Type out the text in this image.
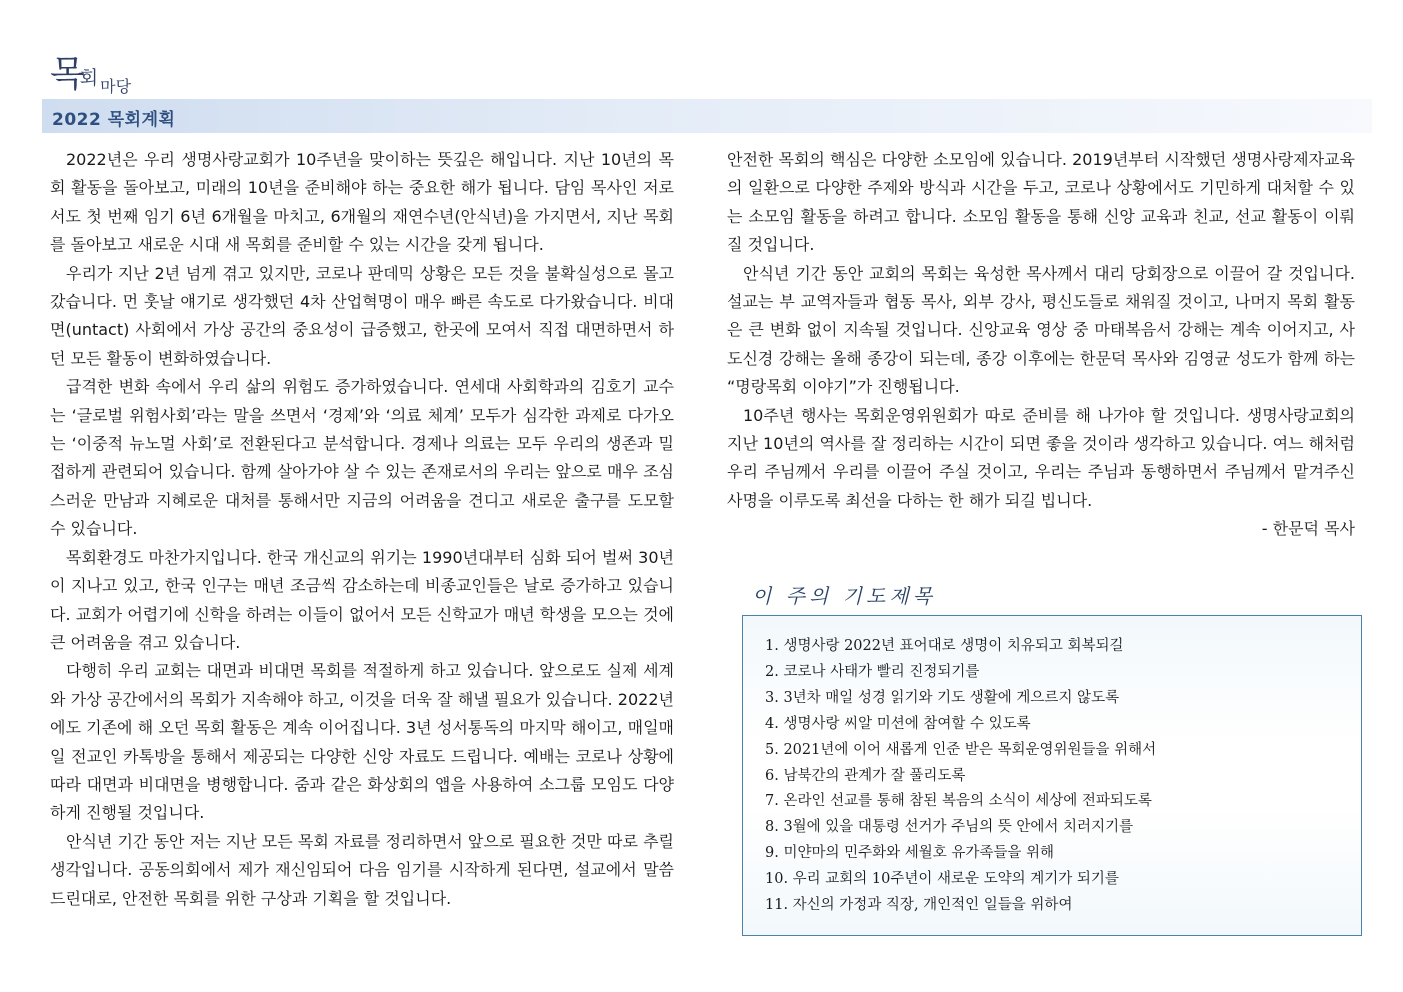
목회 마당
2022 목회계획

2022년은 우리 생명사랑교회가 10주년을 맞이하는 뜻깊은 해입니다. 지난 10년의 목회 활동을 돌아보고, 미래의 10년을 준비해야 하는 중요한 해가 됩니다. 담임 목사인 저로서도 첫 번째 임기 6년 6개월을 마치고, 6개월의 재연수년(안식년)을 가지면서, 지난 목회를 돌아보고 새로운 시대 새 목회를 준비할 수 있는 시간을 갖게 됩니다.

우리가 지난 2년 넘게 겪고 있지만, 코로나 판데믹 상황은 모든 것을 불확실성으로 몰고 갔습니다. 먼 훗날 얘기로 생각했던 4차 산업혁명이 매우 빠른 속도로 다가왔습니다. 비대면(untact) 사회에서 가상 공간의 중요성이 급증했고, 한곳에 모여서 직접 대면하면서 하던 모든 활동이 변화하였습니다.

급격한 변화 속에서 우리 삶의 위험도 증가하였습니다. 연세대 사회학과의 김호기 교수는 ‘글로벌 위험사회’라는 말을 쓰면서 ‘경제’와 ‘의료 체계’ 모두가 심각한 과제로 다가오는 ‘이중적 뉴노멀 사회’로 전환된다고 분석합니다. 경제나 의료는 모두 우리의 생존과 밀접하게 관련되어 있습니다. 함께 살아가야 살 수 있는 존재로서의 우리는 앞으로 매우 조심스러운 만남과 지혜로운 대처를 통해서만 지금의 어려움을 견디고 새로운 출구를 도모할 수 있습니다.

목회환경도 마찬가지입니다. 한국 개신교의 위기는 1990년대부터 심화 되어 벌써 30년이 지나고 있고, 한국 인구는 매년 조금씩 감소하는데 비종교인들은 날로 증가하고 있습니다. 교회가 어렵기에 신학을 하려는 이들이 없어서 모든 신학교가 매년 학생을 모으는 것에 큰 어려움을 겪고 있습니다.

다행히 우리 교회는 대면과 비대면 목회를 적절하게 하고 있습니다. 앞으로도 실제 세계와 가상 공간에서의 목회가 지속해야 하고, 이것을 더욱 잘 해낼 필요가 있습니다. 2022년에도 기존에 해 오던 목회 활동은 계속 이어집니다. 3년 성서통독의 마지막 해이고, 매일매일 전교인 카톡방을 통해서 제공되는 다양한 신앙 자료도 드립니다. 예배는 코로나 상황에 따라 대면과 비대면을 병행합니다. 줌과 같은 화상회의 앱을 사용하여 소그룹 모임도 다양하게 진행될 것입니다.

안식년 기간 동안 저는 지난 모든 목회 자료를 정리하면서 앞으로 필요한 것만 따로 추릴 생각입니다. 공동의회에서 제가 재신임되어 다음 임기를 시작하게 된다면, 설교에서 말씀 드린대로, 안전한 목회를 위한 구상과 기획을 할 것입니다.

안전한 목회의 핵심은 다양한 소모임에 있습니다. 2019년부터 시작했던 생명사랑제자교육의 일환으로 다양한 주제와 방식과 시간을 두고, 코로나 상황에서도 기민하게 대처할 수 있는 소모임 활동을 하려고 합니다. 소모임 활동을 통해 신앙 교육과 친교, 선교 활동이 이뤄질 것입니다.

안식년 기간 동안 교회의 목회는 육성한 목사께서 대리 당회장으로 이끌어 갈 것입니다. 설교는 부 교역자들과 협동 목사, 외부 강사, 평신도들로 채워질 것이고, 나머지 목회 활동은 큰 변화 없이 지속될 것입니다. 신앙교육 영상 중 마태복음서 강해는 계속 이어지고, 사도신경 강해는 올해 종강이 되는데, 종강 이후에는 한문덕 목사와 김영균 성도가 함께 하는 “명랑목회 이야기”가 진행됩니다.

10주년 행사는 목회운영위원회가 따로 준비를 해 나가야 할 것입니다. 생명사랑교회의 지난 10년의 역사를 잘 정리하는 시간이 되면 좋을 것이라 생각하고 있습니다. 여느 해처럼 우리 주님께서 우리를 이끌어 주실 것이고, 우리는 주님과 동행하면서 주님께서 맡겨주신 사명을 이루도록 최선을 다하는 한 해가 되길 빕니다.

- 한문덕 목사

이 주의 기도제목
1. 생명사랑 2022년 표어대로 생명이 치유되고 회복되길
2. 코로나 사태가 빨리 진정되기를
3. 3년차 매일 성경 읽기와 기도 생활에 게으르지 않도록
4. 생명사랑 씨알 미션에 참여할 수 있도록
5. 2021년에 이어 새롭게 인준 받은 목회운영위원들을 위해서
6. 남북간의 관계가 잘 풀리도록
7. 온라인 선교를 통해 참된 복음의 소식이 세상에 전파되도록
8. 3월에 있을 대통령 선거가 주님의 뜻 안에서 치러지기를
9. 미얀마의 민주화와 세월호 유가족들을 위해
10. 우리 교회의 10주년이 새로운 도약의 계기가 되기를
11. 자신의 가정과 직장, 개인적인 일들을 위하여
